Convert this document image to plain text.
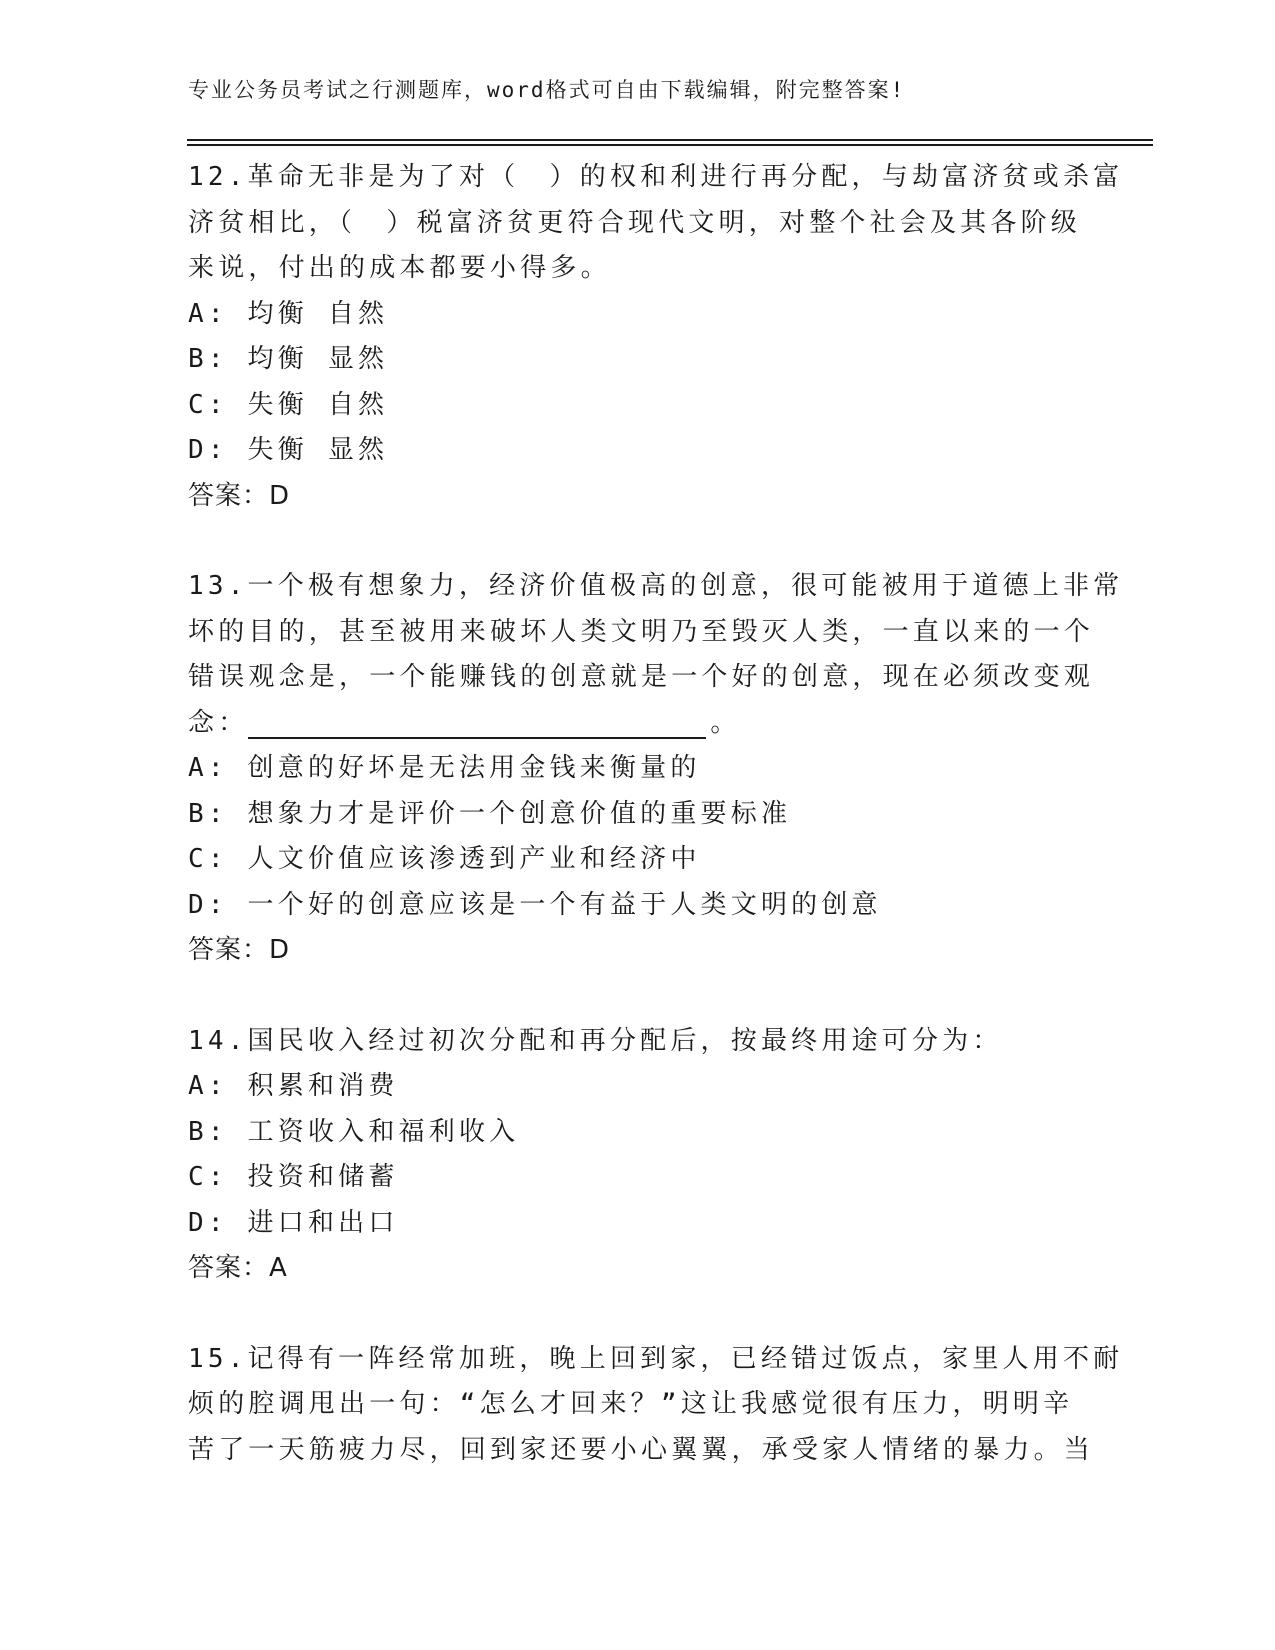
专业公务员考试之行测题库，word格式可自由下载编辑，附完整答案!
12.革命无非是为了对（　）的权和利进行再分配，与劫富济贫或杀富
济贫相比，（　）税富济贫更符合现代文明，对整个社会及其各阶级
来说，付出的成本都要小得多。
A: 均衡 自然
B: 均衡 显然
C: 失衡 自然
D: 失衡 显然
答案：D
13.一个极有想象力，经济价值极高的创意，很可能被用于道德上非常
坏的目的，甚至被用来破坏人类文明乃至毁灭人类，一直以来的一个
错误观念是，一个能赚钱的创意就是一个好的创意，现在必须改变观
念：	。
A: 创意的好坏是无法用金钱来衡量的
B: 想象力才是评价一个创意价值的重要标准
C: 人文价值应该渗透到产业和经济中
D: 一个好的创意应该是一个有益于人类文明的创意
答案：D
14.国民收入经过初次分配和再分配后，按最终用途可分为：
A: 积累和消费
B: 工资收入和福利收入
C: 投资和储蓄
D: 进口和出口
答案：A
15.记得有一阵经常加班，晚上回到家，已经错过饭点，家里人用不耐
烦的腔调甩出一句：“怎么才回来？”这让我感觉很有压力，明明辛
苦了一天筋疲力尽，回到家还要小心翼翼，承受家人情绪的暴力。当
